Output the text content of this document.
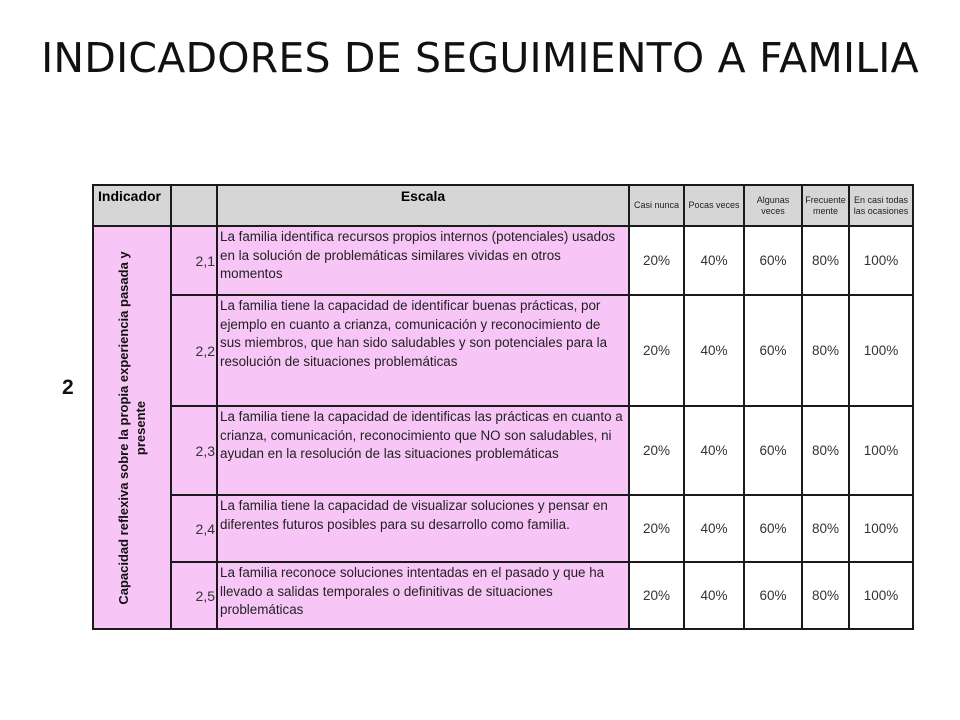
INDICADORES DE SEGUIMIENTO A FAMILIA
2
Indicador		Escala	Casi nunca	Pocas veces	Algunas veces	Frecuente mente	En casi todas las ocasiones

Capacidad reflexiva sobre la propia experiencia pasada y presente	2,1	La familia identifica recursos propios internos (potenciales) usados en la solución de problemáticas similares vividas en otros momentos	20%	40%	60%	80%	100%
	2,2	La familia tiene la capacidad de identificar buenas prácticas, por ejemplo en cuanto a crianza, comunicación y reconocimiento de sus miembros, que han sido saludables y son potenciales para la resolución de situaciones problemáticas	20%	40%	60%	80%	100%
	2,3	La familia tiene la capacidad de identificas las prácticas en cuanto a crianza, comunicación, reconocimiento que NO son saludables, ni ayudan en la resolución de las situaciones problemáticas	20%	40%	60%	80%	100%
	2,4	La familia tiene la capacidad de visualizar soluciones y pensar en diferentes futuros posibles para su desarrollo como familia.	20%	40%	60%	80%	100%
	2,5	La familia reconoce soluciones intentadas en el pasado y que ha llevado a salidas temporales o definitivas de situaciones problemáticas	20%	40%	60%	80%	100%
